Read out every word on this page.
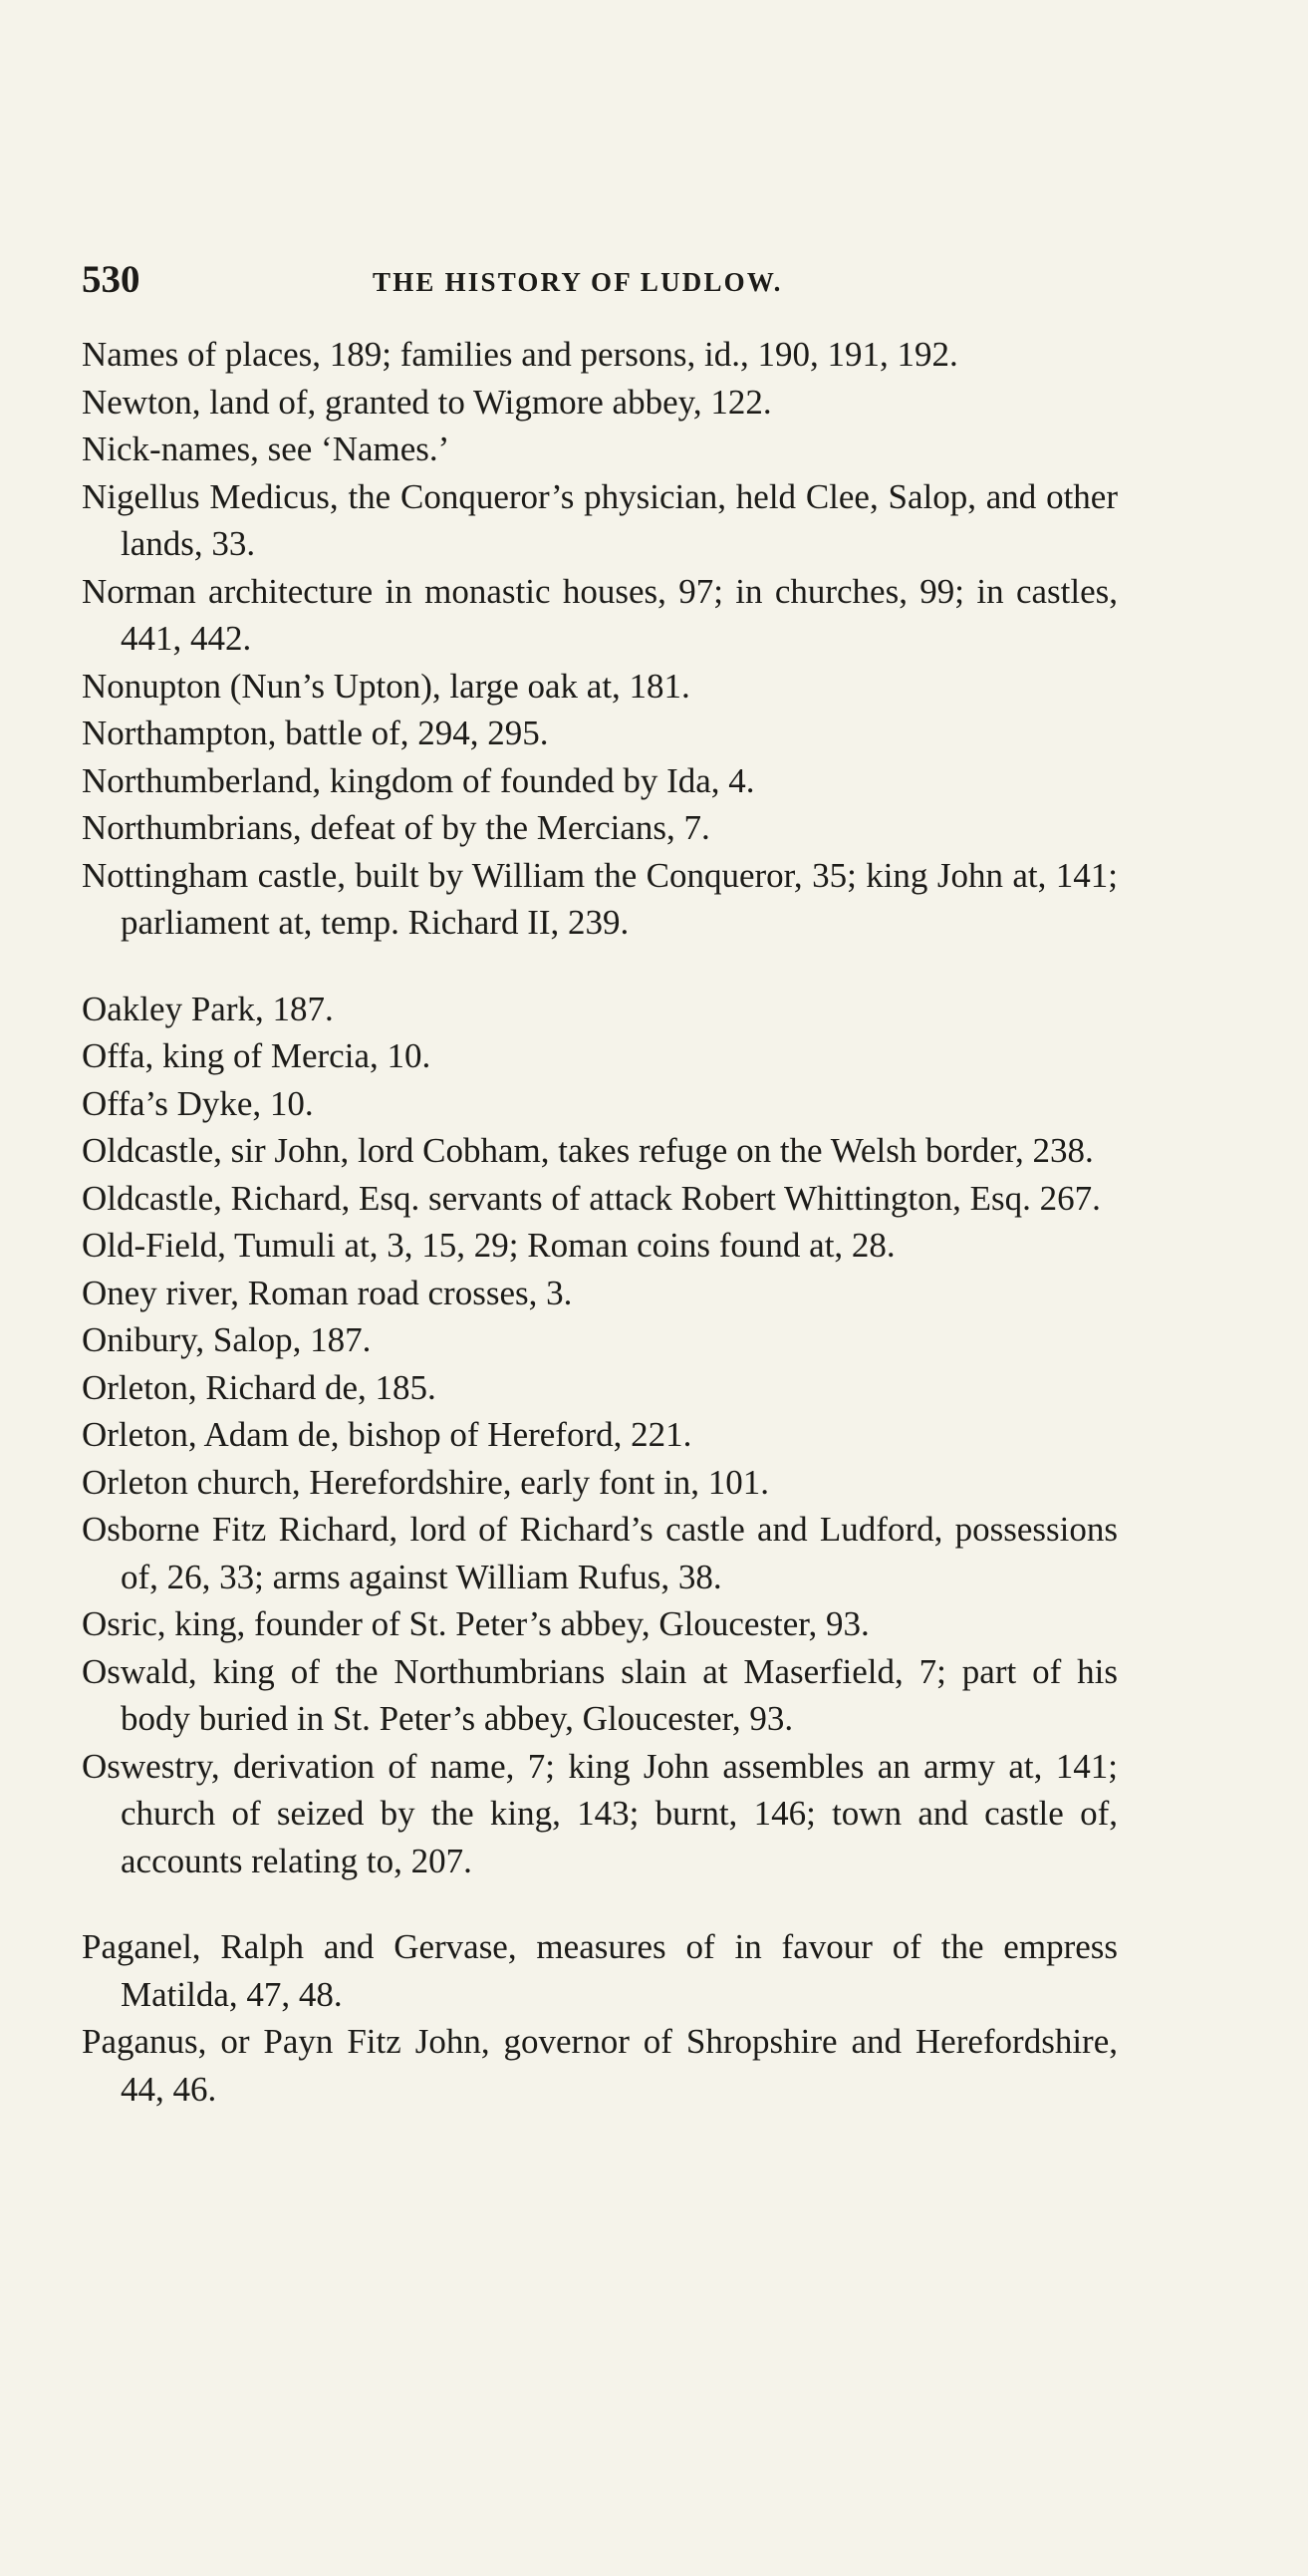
530	THE HISTORY OF LUDLOW.
Names of places, 189; families and persons, id., 190, 191, 192.
Newton, land of, granted to Wigmore abbey, 122.
Nick-names, see ‘Names.’
Nigellus Medicus, the Conqueror’s physician, held Clee, Salop, and other lands, 33.
Norman architecture in monastic houses, 97; in churches, 99; in castles, 441, 442.
Nonupton (Nun’s Upton), large oak at, 181.
Northampton, battle of, 294, 295.
Northumberland, kingdom of founded by Ida, 4.
Northumbrians, defeat of by the Mercians, 7.
Nottingham castle, built by William the Conqueror, 35; king John at, 141; parliament at, temp. Richard II, 239.
Oakley Park, 187.
Offa, king of Mercia, 10.
Offa’s Dyke, 10.
Oldcastle, sir John, lord Cobham, takes refuge on the Welsh border, 238.
Oldcastle, Richard, Esq. servants of attack Robert Whittington, Esq. 267.
Old-Field, Tumuli at, 3, 15, 29; Roman coins found at, 28.
Oney river, Roman road crosses, 3.
Onibury, Salop, 187.
Orleton, Richard de, 185.
Orleton, Adam de, bishop of Hereford, 221.
Orleton church, Herefordshire, early font in, 101.
Osborne Fitz Richard, lord of Richard’s castle and Ludford, possessions of, 26, 33; arms against William Rufus, 38.
Osric, king, founder of St. Peter’s abbey, Gloucester, 93.
Oswald, king of the Northumbrians slain at Maserfield, 7; part of his body buried in St. Peter’s abbey, Gloucester, 93.
Oswestry, derivation of name, 7; king John assembles an army at, 141; church of seized by the king, 143; burnt, 146; town and castle of, accounts relating to, 207.
Paganel, Ralph and Gervase, measures of in favour of the empress Matilda, 47, 48.
Paganus, or Payn Fitz John, governor of Shropshire and Herefordshire, 44, 46.
